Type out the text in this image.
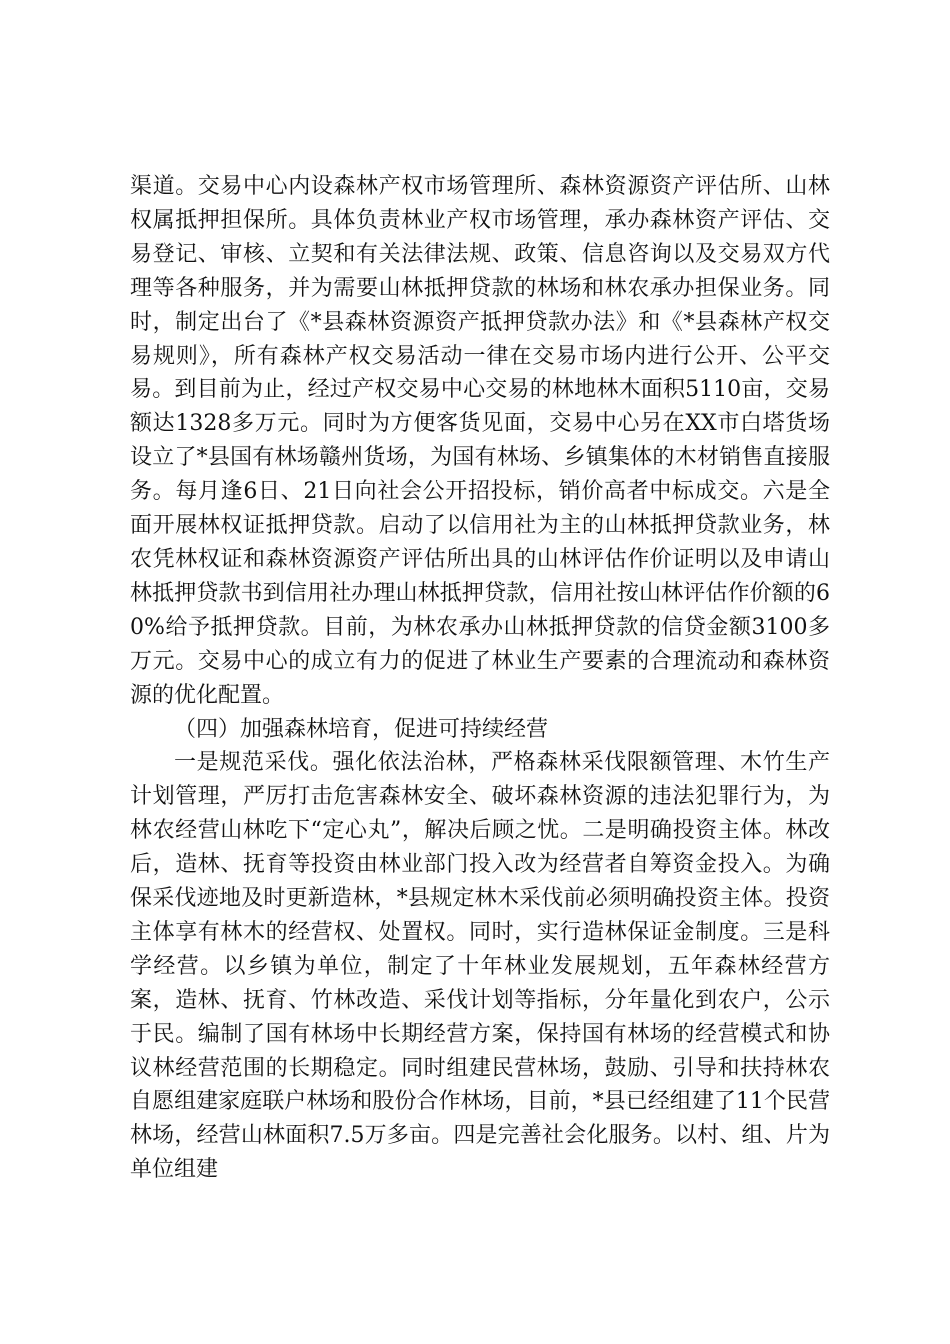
渠道。交易中心内设森林产权市场管理所、森林资源资产评估所、山林权属抵押担保所。具体负责林业产权市场管理，承办森林资产评估、交易登记、审核、立契和有关法律法规、政策、信息咨询以及交易双方代理等各种服务，并为需要山林抵押贷款的林场和林农承办担保业务。同时，制定出台了《*县森林资源资产抵押贷款办法》和《*县森林产权交易规则》，所有森林产权交易活动一律在交易市场内进行公开、公平交易。到目前为止，经过产权交易中心交易的林地林木面积5110亩，交易额达1328多万元。同时为方便客货见面，交易中心另在XX市白塔货场设立了*县国有林场赣州货场，为国有林场、乡镇集体的木材销售直接服务。每月逢6日、21日向社会公开招投标，销价高者中标成交。六是全面开展林权证抵押贷款。启动了以信用社为主的山林抵押贷款业务，林农凭林权证和森林资源资产评估所出具的山林评估作价证明以及申请山林抵押贷款书到信用社办理山林抵押贷款，信用社按山林评估作价额的60%给予抵押贷款。目前，为林农承办山林抵押贷款的信贷金额3100多万元。交易中心的成立有力的促进了林业生产要素的合理流动和森林资源的优化配置。

（四）加强森林培育，促进可持续经营

一是规范采伐。强化依法治林，严格森林采伐限额管理、木竹生产计划管理，严厉打击危害森林安全、破坏森林资源的违法犯罪行为，为林农经营山林吃下“定心丸”，解决后顾之忧。二是明确投资主体。林改后，造林、抚育等投资由林业部门投入改为经营者自筹资金投入。为确保采伐迹地及时更新造林，*县规定林木采伐前必须明确投资主体。投资主体享有林木的经营权、处置权。同时，实行造林保证金制度。三是科学经营。以乡镇为单位，制定了十年林业发展规划，五年森林经营方案，造林、抚育、竹林改造、采伐计划等指标，分年量化到农户，公示于民。编制了国有林场中长期经营方案，保持国有林场的经营模式和协议林经营范围的长期稳定。同时组建民营林场，鼓励、引导和扶持林农自愿组建家庭联户林场和股份合作林场，目前，*县已经组建了11个民营林场，经营山林面积7.5万多亩。四是完善社会化服务。以村、组、片为单位组建
